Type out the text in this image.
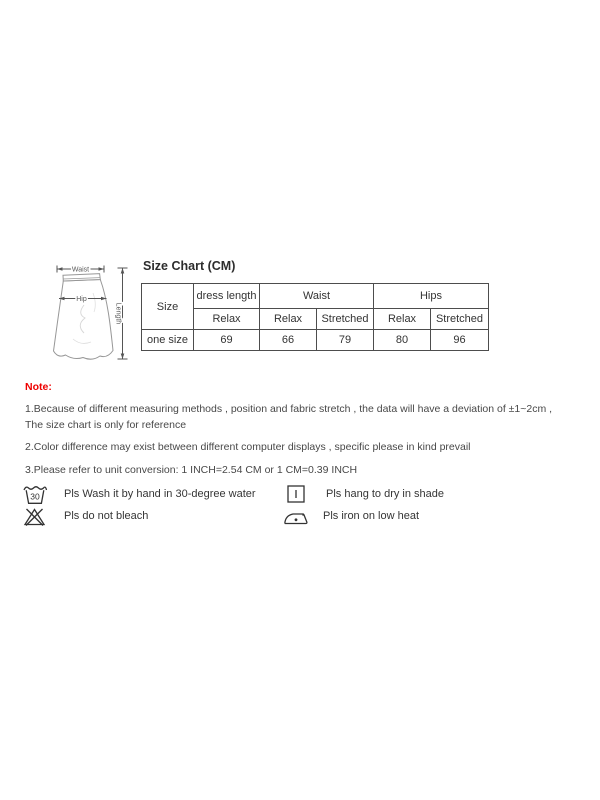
Waist
Hip
Length
Size Chart (CM)
Size	dress length	Waist		Hips	
	Relax	Relax	Stretched	Relax	Stretched
one size	69	66	79	80	96

Note:

1.Because of different measuring methods , position and fabric stretch , the data will have a deviation of ±1~2cm ,
The size chart is only for reference

2.Color difference may exist between different computer displays , specific please in kind prevail

3.Please refer to unit conversion: 1 INCH=2.54 CM or 1 CM=0.39 INCH

30 Pls Wash it by hand in 30-degree water	Pls hang to dry in shade
Pls do not bleach	Pls iron on low heat
